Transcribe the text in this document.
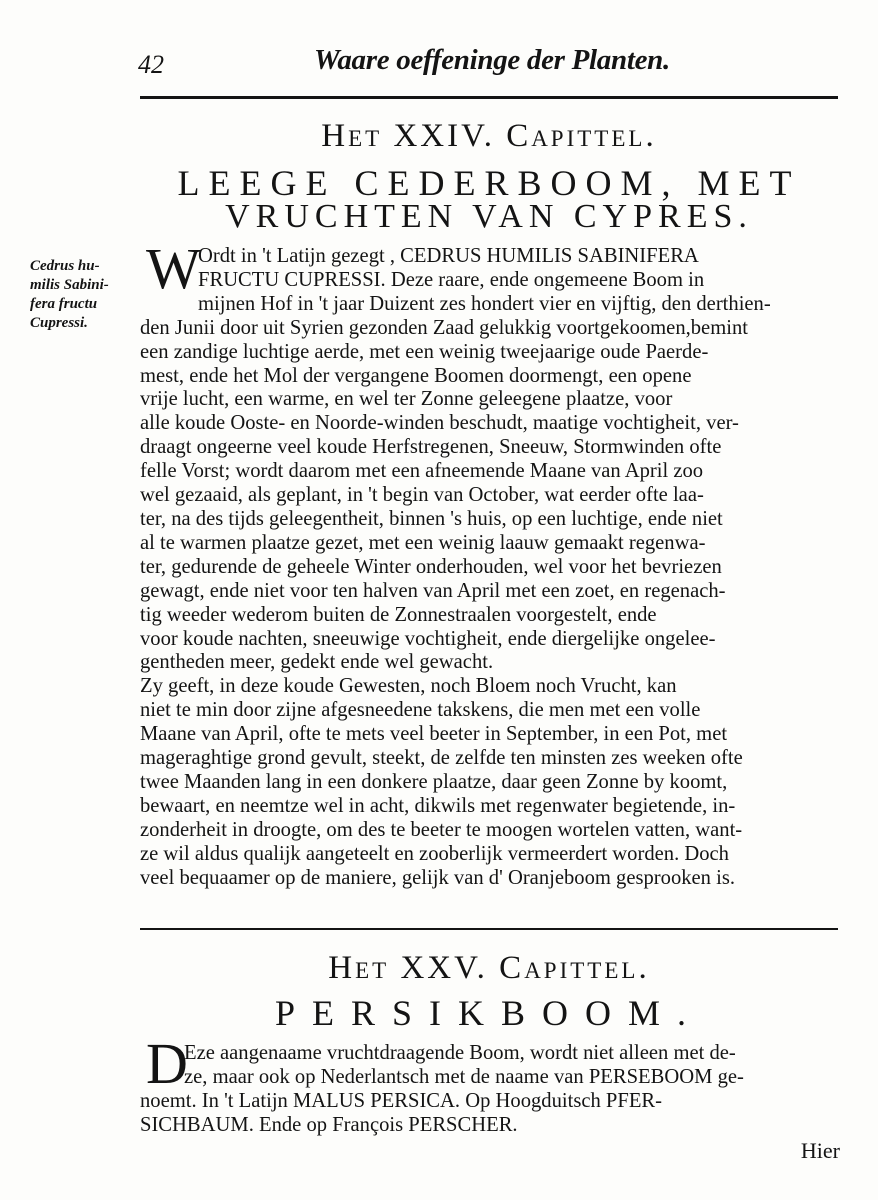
42	Waare oeffeninge der Planten.
Het XXIV. Capittel.
LEEGE CEDERBOOM, MET
VRUCHTEN VAN CYPRES.
Cedrus hu-
milis Sabini-
fera fructu
Cupressi.
W
Ordt in 't Latijn gezegt , CEDRUS HUMILIS SABINIFERA
FRUCTU CUPRESSI. Deze raare, ende ongemeene Boom in
mijnen Hof in 't jaar Duizent zes hondert vier en vijftig, den derthien-
den Junii door uit Syrien gezonden Zaad gelukkig voortgekoomen,bemint
een zandige luchtige aerde, met een weinig tweejaarige oude Paerde-
mest, ende het Mol der vergangene Boomen doormengt, een opene
vrije lucht, een warme, en wel ter Zonne geleegene plaatze, voor
alle koude Ooste- en Noorde-winden beschudt, maatige vochtigheit, ver-
draagt ongeerne veel koude Herfstregenen, Sneeuw, Stormwinden ofte
felle Vorst; wordt daarom met een afneemende Maane van April zoo
wel gezaaid, als geplant, in 't begin van October, wat eerder ofte laa-
ter, na des tijds geleegentheit, binnen 's huis, op een luchtige, ende niet
al te warmen plaatze gezet, met een weinig laauw gemaakt regenwa-
ter, gedurende de geheele Winter onderhouden, wel voor het bevriezen
gewagt, ende niet voor ten halven van April met een zoet, en regenach-
tig weeder wederom buiten de Zonnestraalen voorgestelt, ende
voor koude nachten, sneeuwige vochtigheit, ende diergelijke ongelee-
gentheden meer, gedekt ende wel gewacht.
Zy geeft, in deze koude Gewesten, noch Bloem noch Vrucht, kan
niet te min door zijne afgesneedene takskens, die men met een volle
Maane van April, ofte te mets veel beeter in September, in een Pot, met
mageraghtige grond gevult, steekt, de zelfde ten minsten zes weeken ofte
twee Maanden lang in een donkere plaatze, daar geen Zonne by koomt,
bewaart, en neemtze wel in acht, dikwils met regenwater begietende, in-
zonderheit in droogte, om des te beeter te moogen wortelen vatten, want-
ze wil aldus qualijk aangeteelt en zooberlijk vermeerdert worden. Doch
veel bequaamer op de maniere, gelijk van d' Oranjeboom gesprooken is.
Het XXV. Capittel.
PERSIKBOOM.
D
Eze aangenaame vruchtdraagende Boom, wordt niet alleen met de-
ze, maar ook op Nederlantsch met de naame van PERSEBOOM ge-
noemt. In 't Latijn MALUS PERSICA. Op Hoogduitsch PFER-
SICHBAUM. Ende op François PERSCHER.
Hier
